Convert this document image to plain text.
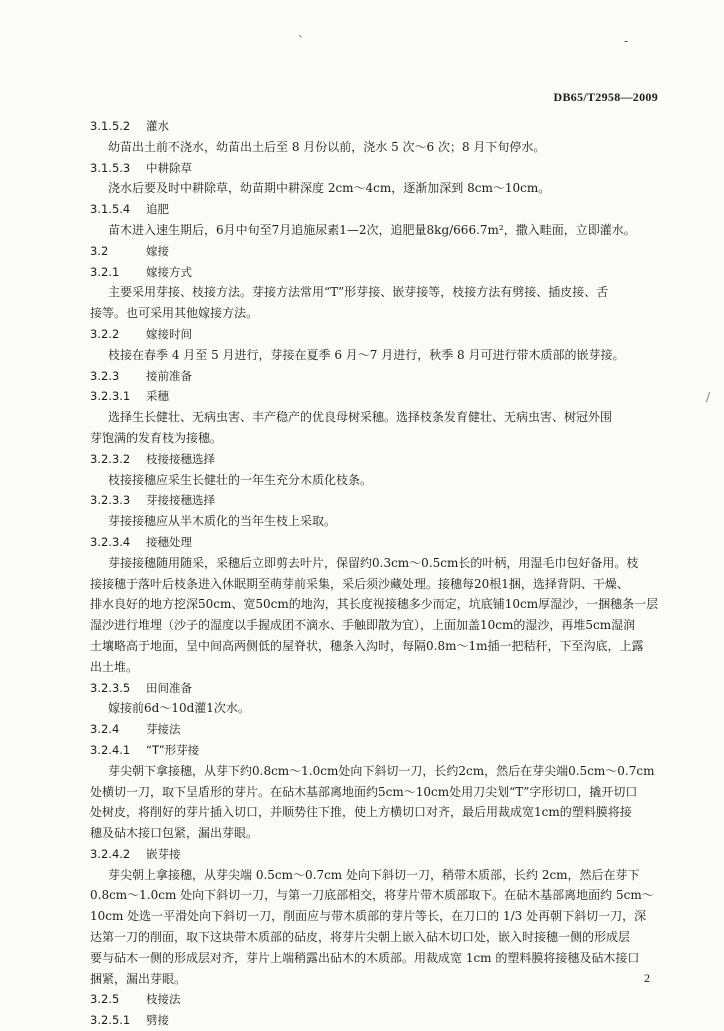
ˋ	-
/
DB65/T2958—2009
3.1.5.2 灌水
幼苗出土前不浇水，幼苗出土后至 8 月份以前，浇水 5 次～6 次；8 月下旬停水。
3.1.5.3 中耕除草
浇水后要及时中耕除草，幼苗期中耕深度 2cm～4cm，逐渐加深到 8cm～10cm。
3.1.5.4 追肥
苗木进入速生期后，6月中旬至7月追施尿素1—2次，追肥量8kg/666.7m²，撒入畦面，立即灌水。
3.2	嫁接
3.2.1 嫁接方式
主要采用芽接、枝接方法。芽接方法常用“T”形芽接、嵌芽接等，枝接方法有劈接、插皮接、舌
接等。也可采用其他嫁接方法。
3.2.2 嫁接时间
枝接在春季 4 月至 5 月进行，芽接在夏季 6 月～7 月进行，秋季 8 月可进行带木质部的嵌芽接。
3.2.3 接前准备
3.2.3.1 采穗
选择生长健壮、无病虫害、丰产稳产的优良母树采穗。选择枝条发育健壮、无病虫害、树冠外围
芽饱满的发育枝为接穗。
3.2.3.2 枝接接穗选择
枝接接穗应采生长健壮的一年生充分木质化枝条。
3.2.3.3 芽接接穗选择
芽接接穗应从半木质化的当年生枝上采取。
3.2.3.4 接穗处理
芽接接穗随用随采，采穗后立即剪去叶片，保留约0.3cm～0.5cm长的叶柄，用湿毛巾包好备用。枝
接接穗于落叶后枝条进入休眠期至萌芽前采集，采后须沙藏处理。接穗每20根1捆，选择背阴、干燥、
排水良好的地方挖深50cm、宽50cm的地沟，其长度视接穗多少而定，坑底铺10cm厚湿沙，一捆穗条一层
湿沙进行堆埋（沙子的湿度以手握成团不滴水、手触即散为宜），上面加盖10cm的湿沙，再堆5cm湿润
土壤略高于地面，呈中间高两侧低的屋脊状，穗条入沟时，每隔0.8m～1m插一把秸秆，下至沟底，上露
出土堆。
3.2.3.5 田间准备
嫁接前6d～10d灌1次水。
3.2.4 芽接法
3.2.4.1 “T”形芽接
芽尖朝下拿接穗，从芽下约0.8cm～1.0cm处向下斜切一刀，长约2cm，然后在芽尖端0.5cm～0.7cm
处横切一刀，取下呈盾形的芽片。在砧木基部离地面约5cm～10cm处用刀尖划“T”字形切口，撬开切口
处树皮，将削好的芽片插入切口，并顺势往下推，使上方横切口对齐，最后用裁成宽1cm的塑料膜将接
穗及砧木接口包紧，漏出芽眼。
3.2.4.2 嵌芽接
芽尖朝上拿接穗，从芽尖端 0.5cm～0.7cm 处向下斜切一刀，稍带木质部，长约 2cm，然后在芽下
0.8cm～1.0cm 处向下斜切一刀，与第一刀底部相交，将芽片带木质部取下。在砧木基部离地面约 5cm～
10cm 处选一平滑处向下斜切一刀，削面应与带木质部的芽片等长，在刀口的 1/3 处再朝下斜切一刀，深
达第一刀的削面，取下这块带木质部的砧皮，将芽片尖朝上嵌入砧木切口处，嵌入时接穗一侧的形成层
要与砧木一侧的形成层对齐，芽片上端稍露出砧木的木质部。用裁成宽 1cm 的塑料膜将接穗及砧木接口
捆紧，漏出芽眼。
3.2.5 枝接法
3.2.5.1 劈接
2
